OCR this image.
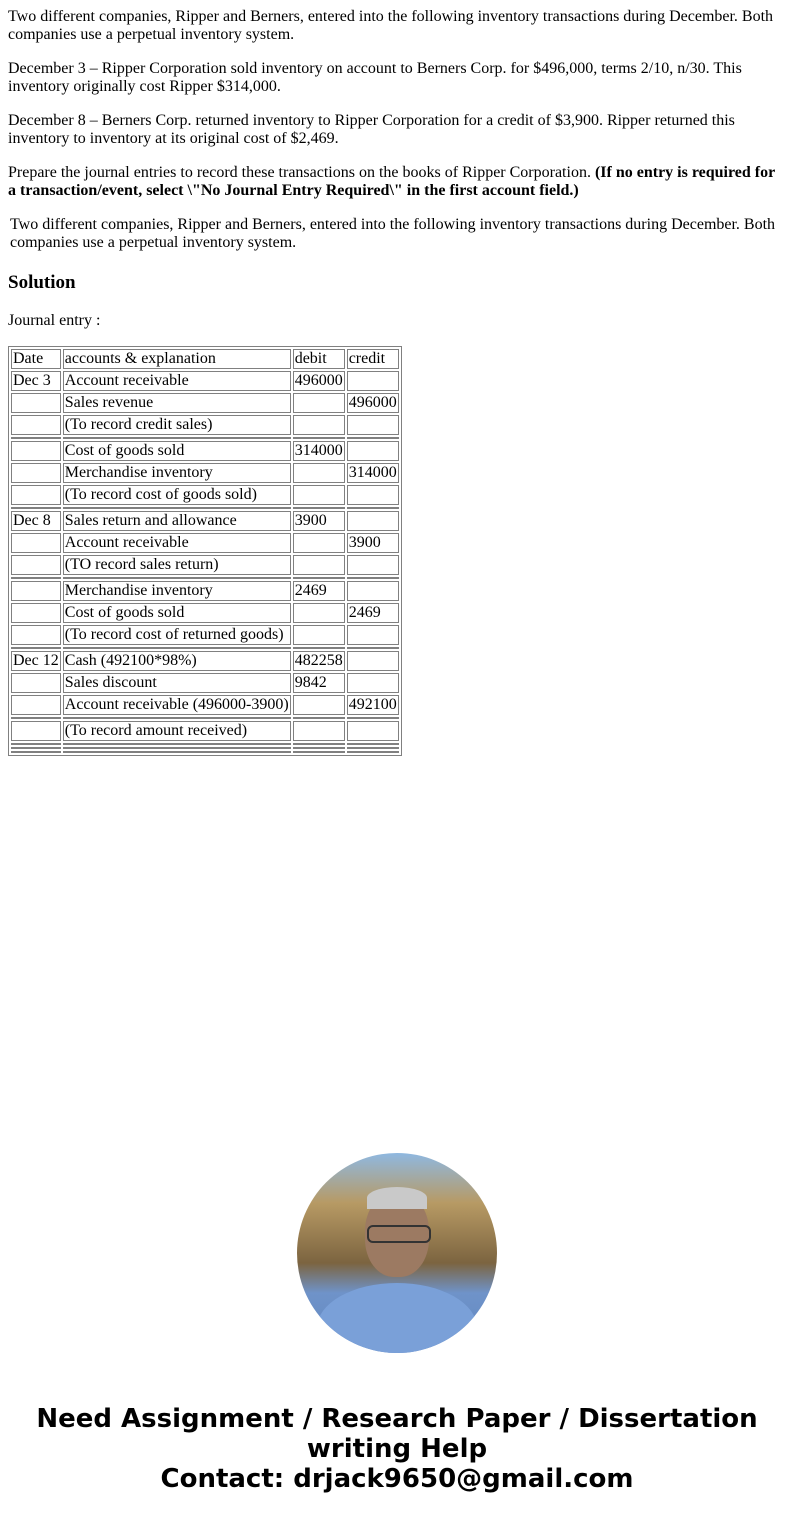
Two different companies, Ripper and Berners, entered into the following inventory transactions during December. Both companies use a perpetual inventory system.

December 3 – Ripper Corporation sold inventory on account to Berners Corp. for $496,000, terms 2/10, n/30. This inventory originally cost Ripper $314,000.

December 8 – Berners Corp. returned inventory to Ripper Corporation for a credit of $3,900. Ripper returned this inventory to inventory at its original cost of $2,469.

Prepare the journal entries to record these transactions on the books of Ripper Corporation. (If no entry is required for a transaction/event, select \"No Journal Entry Required\" in the first account field.)

Two different companies, Ripper and Berners, entered into the following inventory transactions during December. Both companies use a perpetual inventory system.
Solution

Journal entry :

Date	accounts & explanation	debit	credit
Dec 3	Account receivable	496000	
	Sales revenue		496000
	(To record credit sales)		

	Cost of goods sold	314000	
	Merchandise inventory		314000
	(To record cost of goods sold)		

Dec 8	Sales return and allowance	3900	
	Account receivable		3900
	(TO record sales return)		

	Merchandise inventory	2469	
	Cost of goods sold		2469
	(To record cost of returned goods)		

Dec 12	Cash (492100*98%)	482258	
	Sales discount	9842	
	Account receivable (496000-3900)		492100

	(To record amount received)		

Need Assignment / Research Paper / Dissertation writing Help
Contact: drjack9650@gmail.com
